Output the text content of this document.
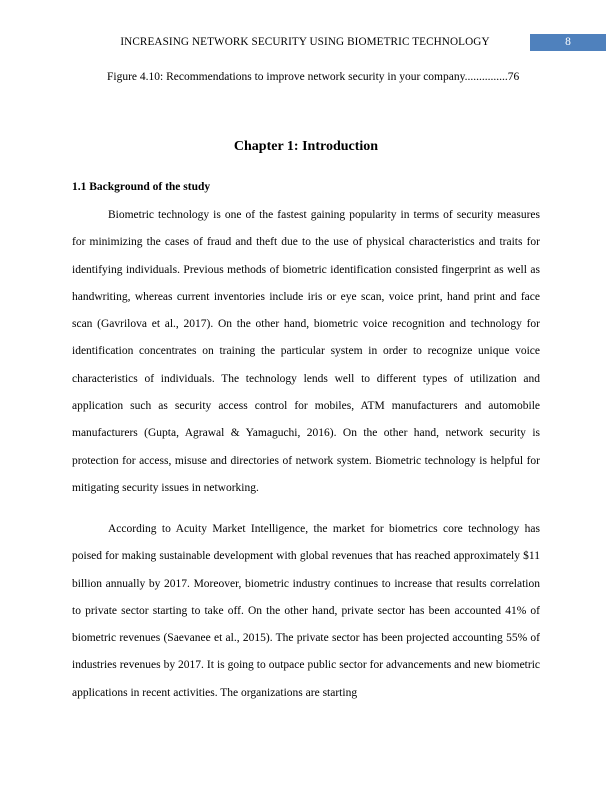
INCREASING NETWORK SECURITY USING BIOMETRIC TECHNOLOGY	8
Figure 4.10: Recommendations to improve network security in your company...............76
Chapter 1: Introduction
1.1 Background of the study

Biometric technology is one of the fastest gaining popularity in terms of security measures for minimizing the cases of fraud and theft due to the use of physical characteristics and traits for identifying individuals. Previous methods of biometric identification consisted fingerprint as well as handwriting, whereas current inventories include iris or eye scan, voice print, hand print and face scan (Gavrilova et al., 2017). On the other hand, biometric voice recognition and technology for identification concentrates on training the particular system in order to recognize unique voice characteristics of individuals. The technology lends well to different types of utilization and application such as security access control for mobiles, ATM manufacturers and automobile manufacturers (Gupta, Agrawal & Yamaguchi, 2016). On the other hand, network security is protection for access, misuse and directories of network system. Biometric technology is helpful for mitigating security issues in networking.

According to Acuity Market Intelligence, the market for biometrics core technology has poised for making sustainable development with global revenues that has reached approximately $11 billion annually by 2017. Moreover, biometric industry continues to increase that results correlation to private sector starting to take off. On the other hand, private sector has been accounted 41% of biometric revenues (Saevanee et al., 2015). The private sector has been projected accounting 55% of industries revenues by 2017. It is going to outpace public sector for advancements and new biometric applications in recent activities. The organizations are starting
